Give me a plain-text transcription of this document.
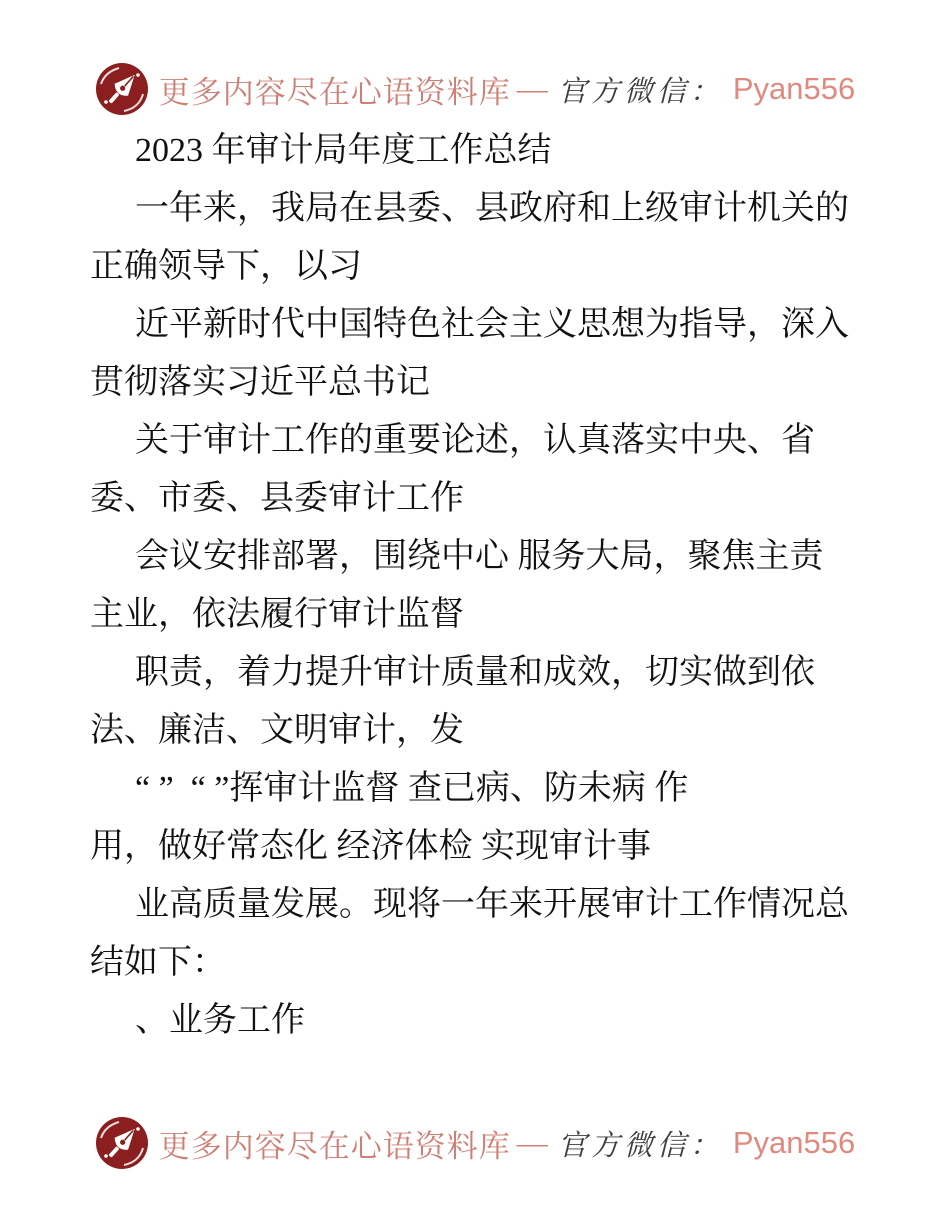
更多内容尽在心语资料库 — 官方微信： Pyan556
2023 年审计局年度工作总结
一年来，我局在县委、县政府和上级审计机关的
正确领导下，以习
近平新时代中国特色社会主义思想为指导，深入
贯彻落实习近平总书记
关于审计工作的重要论述，认真落实中央、省
委、市委、县委审计工作
会议安排部署，围绕中心 服务大局，聚焦主责
主业，依法履行审计监督
职责，着力提升审计质量和成效，切实做到依
法、廉洁、文明审计，发
“ ”  “ ”挥审计监督 查已病、防未病 作
用，做好常态化 经济体检 实现审计事
业高质量发展。现将一年来开展审计工作情况总
结如下：
、业务工作
更多内容尽在心语资料库 — 官方微信： Pyan556
